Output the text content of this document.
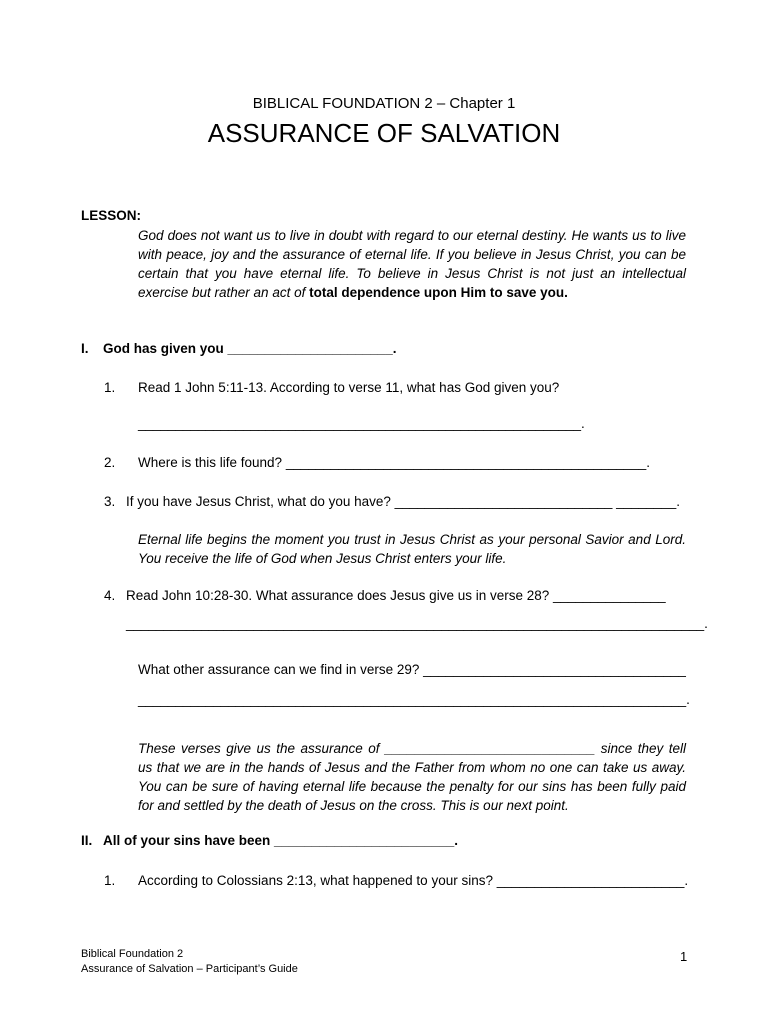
BIBLICAL FOUNDATION 2 – Chapter 1
ASSURANCE OF SALVATION
LESSON:
God does not want us to live in doubt with regard to our eternal destiny. He wants us to live with peace, joy and the assurance of eternal life. If you believe in Jesus Christ, you can be certain that you have eternal life. To believe in Jesus Christ is not just an intellectual exercise but rather an act of total dependence upon Him to save you.
I. God has given you ______________________.
1. Read 1 John 5:11-13. According to verse 11, what has God given you?
___________________________________________________________.
2. Where is this life found? ________________________________________________.
3. If you have Jesus Christ, what do you have? _____________________________ ________.
Eternal life begins the moment you trust in Jesus Christ as your personal Savior and Lord. You receive the life of God when Jesus Christ enters your life.
4. Read John 10:28-30. What assurance does Jesus give us in verse 28? _______________
_____________________________________________________________________________.
What other assurance can we find in verse 29? ___________________________________
_________________________________________________________________________.
These verses give us the assurance of ____________________________ since they tell us that we are in the hands of Jesus and the Father from whom no one can take us away. You can be sure of having eternal life because the penalty for our sins has been fully paid for and settled by the death of Jesus on the cross. This is our next point.
II. All of your sins have been ________________________.
1. According to Colossians 2:13, what happened to your sins? _________________________.
Biblical Foundation 2
Assurance of Salvation – Participant’s Guide
1
